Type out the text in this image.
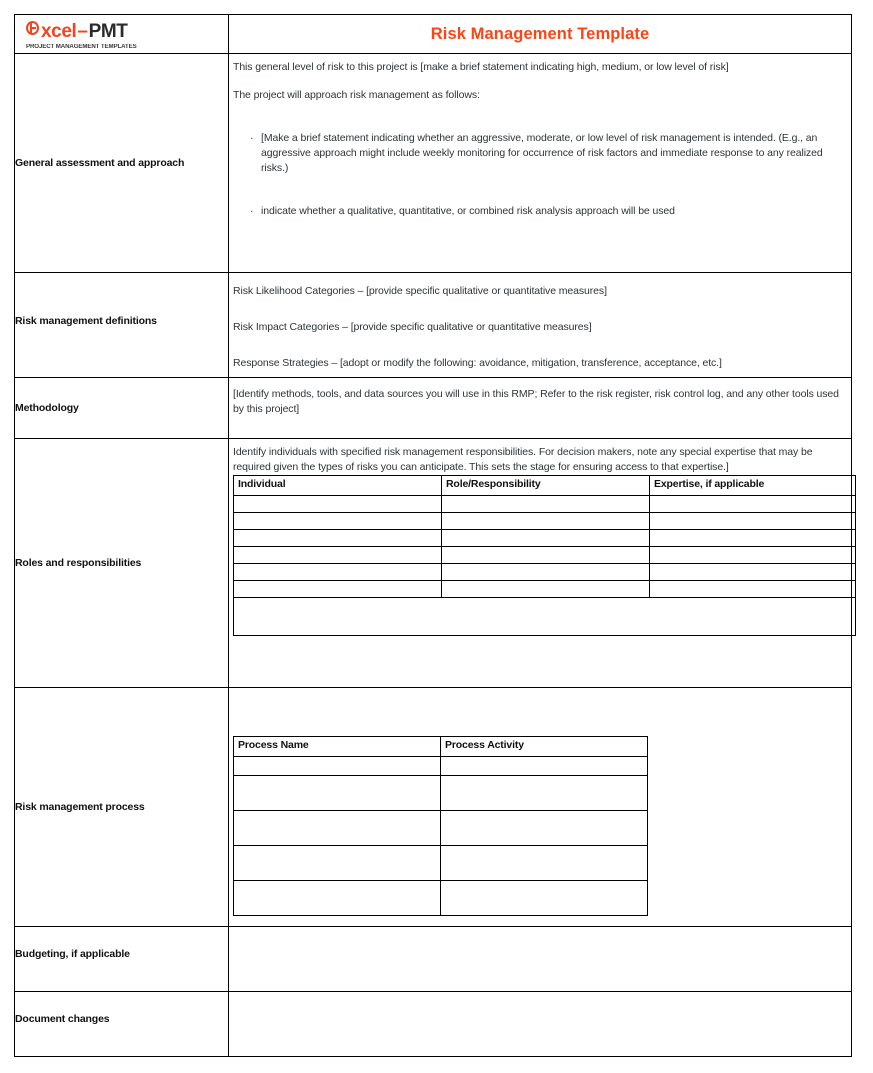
xcel – PMT
PROJECT MANAGEMENT TEMPLATES

Risk Management Template

General assessment and approach

This general level of risk to this project is [make a brief statement indicating high, medium, or low level of risk]

The project will approach risk management as follows:

· [Make a brief statement indicating whether an aggressive, moderate, or low level of risk management is intended. (E.g., an aggressive approach might include weekly monitoring for occurrence of risk factors and immediate response to any realized risks.)
· indicate whether a qualitative, quantitative, or combined risk analysis approach will be used

Risk management definitions

Risk Likelihood Categories – [provide specific qualitative or quantitative measures]

Risk Impact Categories – [provide specific qualitative or quantitative measures]

Response Strategies – [adopt or modify the following: avoidance, mitigation, transference, acceptance, etc.]

Methodology

[Identify methods, tools, and data sources you will use in this RMP; Refer to the risk register, risk control log, and any other tools used by this project]

Roles and responsibilities

Identify individuals with specified risk management responsibilities. For decision makers, note any special expertise that may be required given the types of risks you can anticipate. This sets the stage for ensuring access to that expertise.]

Individual	Role/Responsibility	Expertise, if applicable

Risk management process

Process Name	Process Activity

Budgeting, if applicable

Document changes
